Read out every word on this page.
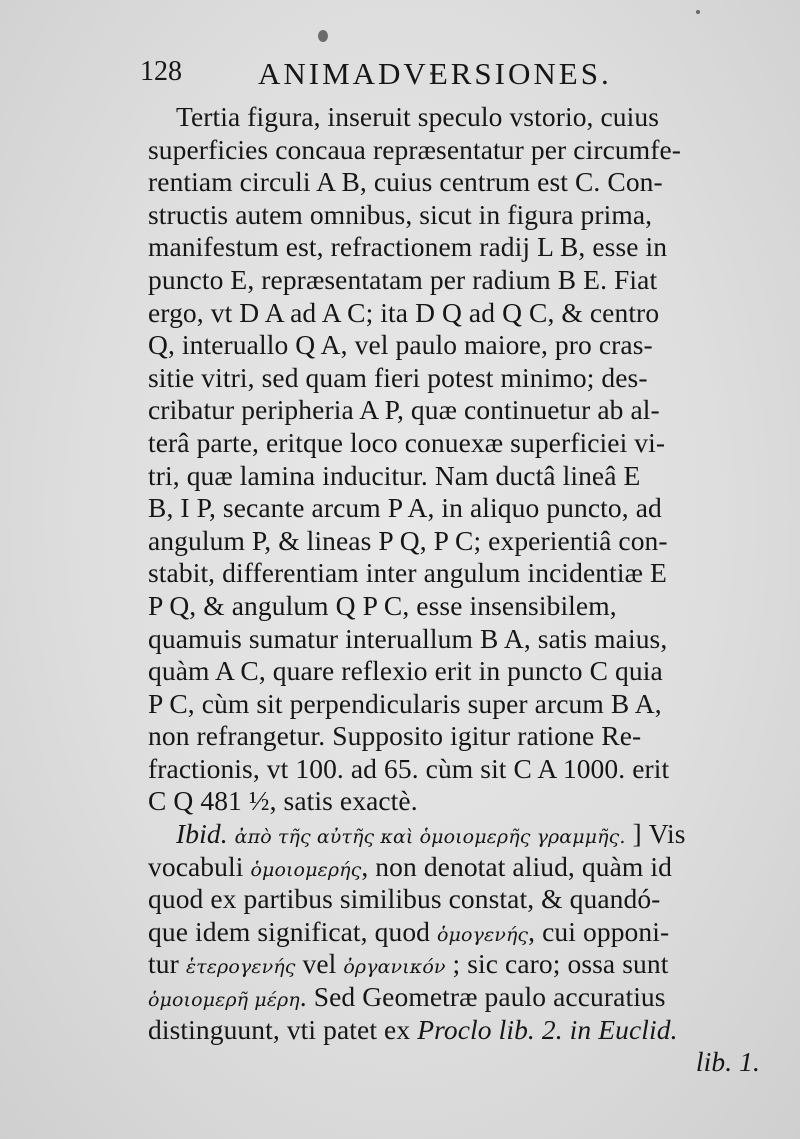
128 ANIMADVERSIONES.
Tertia figura, inseruit speculo vstorio, cuius
superficies concaua repræsentatur per circumfe-
rentiam circuli A B, cuius centrum est C. Con-
structis autem omnibus, sicut in figura prima,
manifestum est, refractionem radij L B, esse in
puncto E, repræsentatam per radium B E. Fiat
ergo, vt D A ad A C; ita D Q ad Q C, & centro
Q, interuallo Q A, vel paulo maiore, pro cras-
sitie vitri, sed quam fieri potest minimo; des-
cribatur peripheria A P, quæ continuetur ab al-
terâ parte, eritque loco conuexæ superficiei vi-
tri, quæ lamina inducitur. Nam ductâ lineâ E
B, I P, secante arcum P A, in aliquo puncto, ad
angulum P, & lineas P Q, P C; experientiâ con-
stabit, differentiam inter angulum incidentiæ E
P Q, & angulum Q P C, esse insensibilem,
quamuis sumatur interuallum B A, satis maius,
quàm A C, quare reflexio erit in puncto C quia
P C, cùm sit perpendicularis super arcum B A,
non refrangetur. Supposito igitur ratione Re-
fractionis, vt 100. ad 65. cùm sit C A 1000. erit
C Q 481 ½, satis exactè.
Ibid. ἀπὸ τῆς αὐτῆς καὶ ὁμοιομερῆς γραμμῆς. ] Vis
vocabuli ὁμοιομερής, non denotat aliud, quàm id
quod ex partibus similibus constat, & quandó-
que idem significat, quod ὁμογενής, cui opponi-
tur ἑτερογενής vel ὀργανικόν ; sic caro; ossa sunt
ὁμοιομερῆ μέρη. Sed Geometræ paulo accuratius
distinguunt, vti patet ex Proclo lib. 2. in Euclid.
lib. 1.
